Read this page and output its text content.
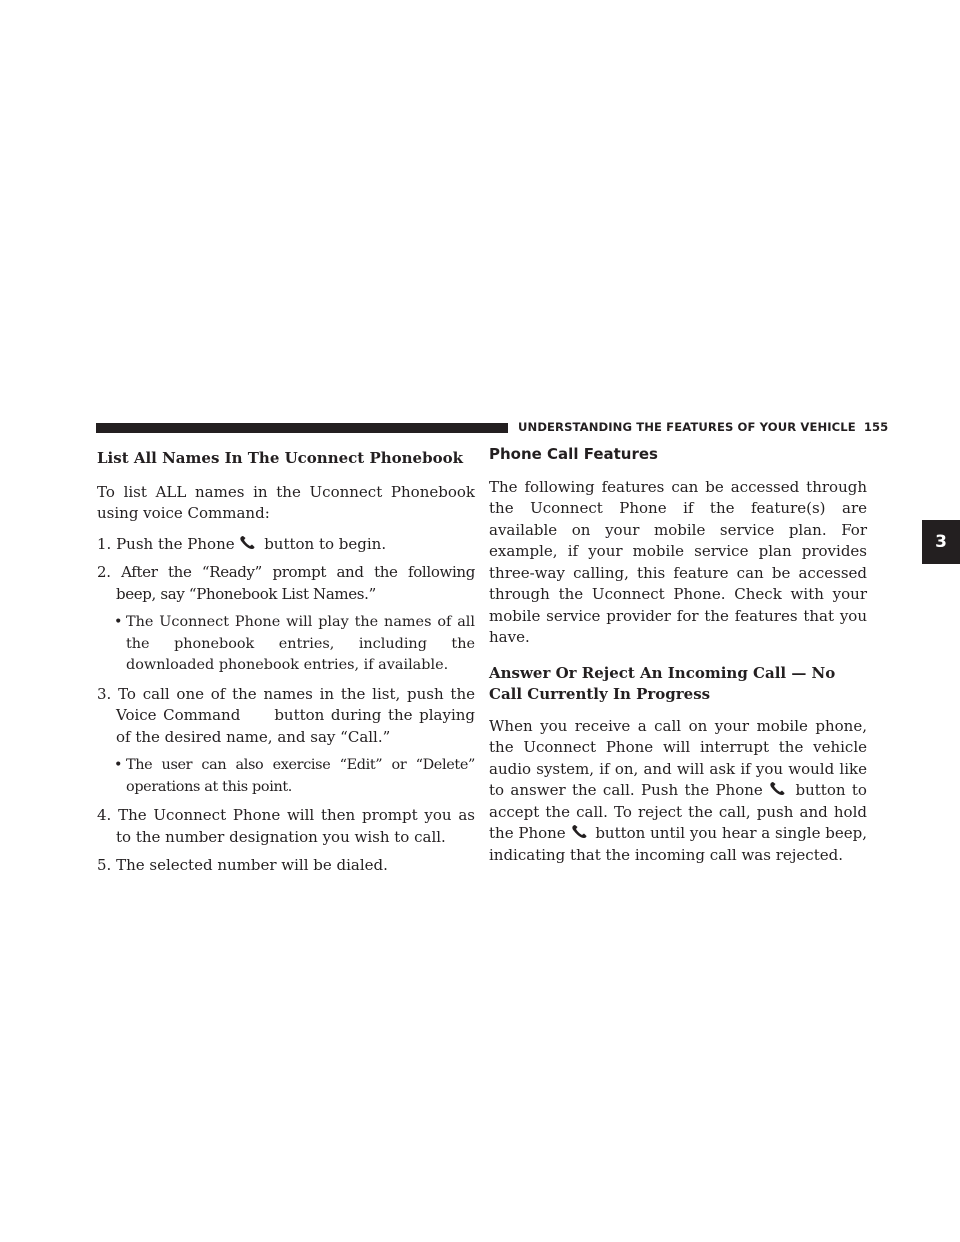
UNDERSTANDING THE FEATURES OF YOUR VEHICLE 155
List All Names In The Uconnect Phonebook

To list ALL names in the Uconnect Phonebook using voice Command:

1. Push the Phone button to begin.
2. After the “Ready” prompt and the following beep, say “Phonebook List Names.”
• The Uconnect Phone will play the names of all the phonebook entries, including the downloaded phonebook entries, if available.
3. To call one of the names in the list, push the Voice Command button during the playing of the desired name, and say “Call.”
• The user can also exercise “Edit” or “Delete” operations at this point.
4. The Uconnect Phone will then prompt you as to the number designation you wish to call.
5. The selected number will be dialed.
Phone Call Features

The following features can be accessed through the Uconnect Phone if the feature(s) are available on your mobile service plan. For example, if your mobile service plan provides three-way calling, this feature can be accessed through the Uconnect Phone. Check with your mobile service provider for the features that you have.

Answer Or Reject An Incoming Call — No Call Currently In Progress

When you receive a call on your mobile phone, the Uconnect Phone will interrupt the vehicle audio system, if on, and will ask if you would like to answer the call. Push the Phone button to accept the call. To reject the call, push and hold the Phone button until you hear a single beep, indicating that the incoming call was rejected.

3
